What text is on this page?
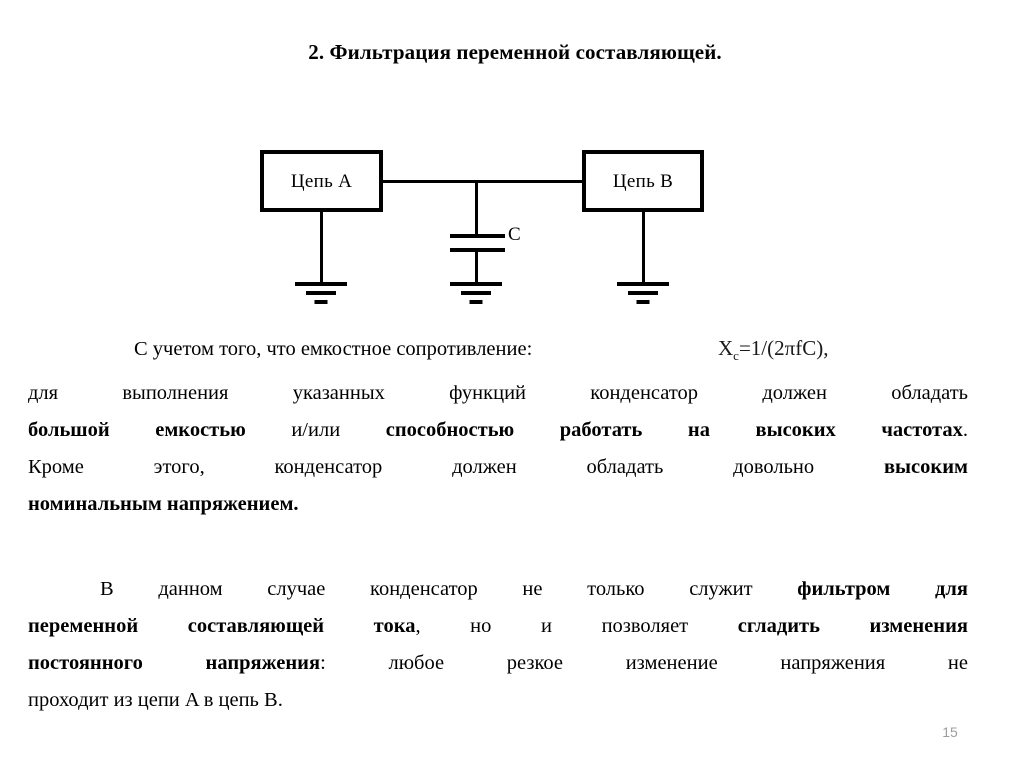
2. Фильтрация переменной составляющей.
Цепь A	Цепь B
C
С учетом того, что емкостное сопротивление:	$X_c=1/(2\pi fC)$,
для выполнения указанных функций конденсатор должен обладать
большой емкостью и/или способностью работать на высоких частотах.
Кроме этого, конденсатор должен обладать довольно высоким
номинальным напряжением.
В данном случае конденсатор не только служит фильтром для
переменной составляющей тока, но и позволяет сгладить изменения
постоянного напряжения: любое резкое изменение напряжения не
проходит из цепи A в цепь B.
15
